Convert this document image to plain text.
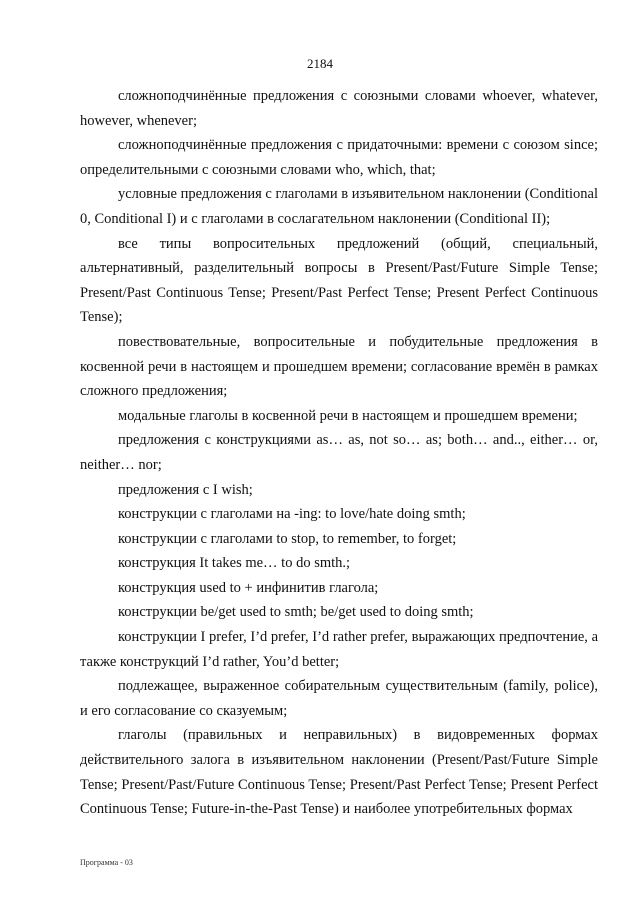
2184

сложноподчинённые предложения с союзными словами whoever, whatever, however, whenever;

сложноподчинённые предложения с придаточными: времени с союзом since; определительными с союзными словами who, which, that;

условные предложения с глаголами в изъявительном наклонении (Conditional 0, Conditional I) и с глаголами в сослагательном наклонении (Conditional II);

все типы вопросительных предложений (общий, специальный, альтернативный, разделительный вопросы в Present/Past/Future Simple Tense; Present/Past Continuous Tense; Present/Past Perfect Tense; Present Perfect Continuous Tense);

повествовательные, вопросительные и побудительные предложения в косвенной речи в настоящем и прошедшем времени; согласование времён в рамках сложного предложения;

модальные глаголы в косвенной речи в настоящем и прошедшем времени;

предложения с конструкциями as… as, not so… as; both… and.., either… or, neither… nor;

предложения с I wish;

конструкции с глаголами на -ing: to love/hate doing smth;

конструкции с глаголами to stop, to remember, to forget;

конструкция It takes me… to do smth.;

конструкция used to + инфинитив глагола;

конструкции be/get used to smth; be/get used to doing smth;

конструкции I prefer, I’d prefer, I’d rather prefer, выражающих предпочтение, а также конструкций I’d rather, You’d better;

подлежащее, выраженное собирательным существительным (family, police), и его согласование со сказуемым;

глаголы (правильных и неправильных) в видовременных формах действительного залога в изъявительном наклонении (Present/Past/Future Simple Tense; Present/Past/Future Continuous Tense; Present/Past Perfect Tense; Present Perfect Continuous Tense; Future-in-the-Past Tense) и наиболее употребительных формах

Программа - 03
